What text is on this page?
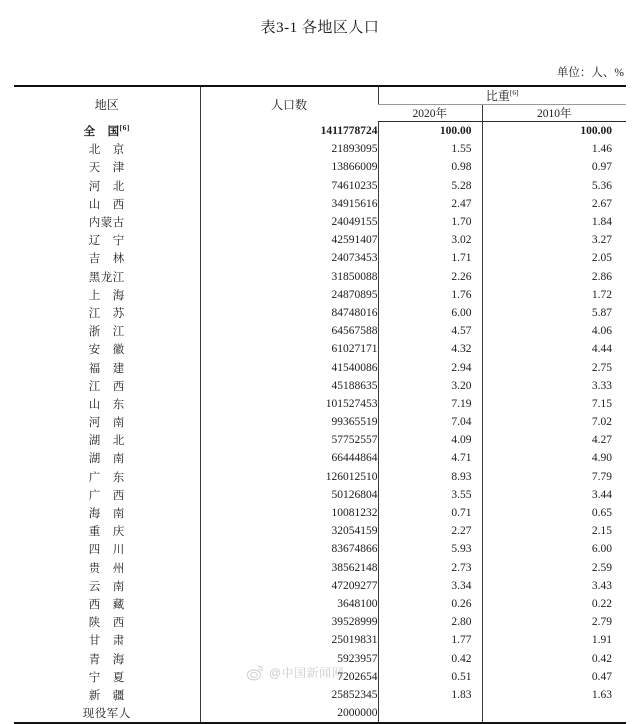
表3-1 各地区人口
单位：人、%
地区	人口数	比重[6]
		2020年	2010年
全　国[6]	1411778724	100.00	100.00
北　京	21893095	1.55	1.46
天　津	13866009	0.98	0.97
河　北	74610235	5.28	5.36
山　西	34915616	2.47	2.67
内蒙古	24049155	1.70	1.84
辽　宁	42591407	3.02	3.27
吉　林	24073453	1.71	2.05
黑龙江	31850088	2.26	2.86
上　海	24870895	1.76	1.72
江　苏	84748016	6.00	5.87
浙　江	64567588	4.57	4.06
安　徽	61027171	4.32	4.44
福　建	41540086	2.94	2.75
江　西	45188635	3.20	3.33
山　东	101527453	7.19	7.15
河　南	99365519	7.04	7.02
湖　北	57752557	4.09	4.27
湖　南	66444864	4.71	4.90
广　东	126012510	8.93	7.79
广　西	50126804	3.55	3.44
海　南	10081232	0.71	0.65
重　庆	32054159	2.27	2.15
四　川	83674866	5.93	6.00
贵　州	38562148	2.73	2.59
云　南	47209277	3.34	3.43
西　藏	3648100	0.26	0.22
陕　西	39528999	2.80	2.79
甘　肃	25019831	1.77	1.91
青　海	5923957	0.42	0.42
宁　夏	7202654	0.51	0.47
新　疆	25852345	1.83	1.63
现役军人	2000000		
@中国新闻网
